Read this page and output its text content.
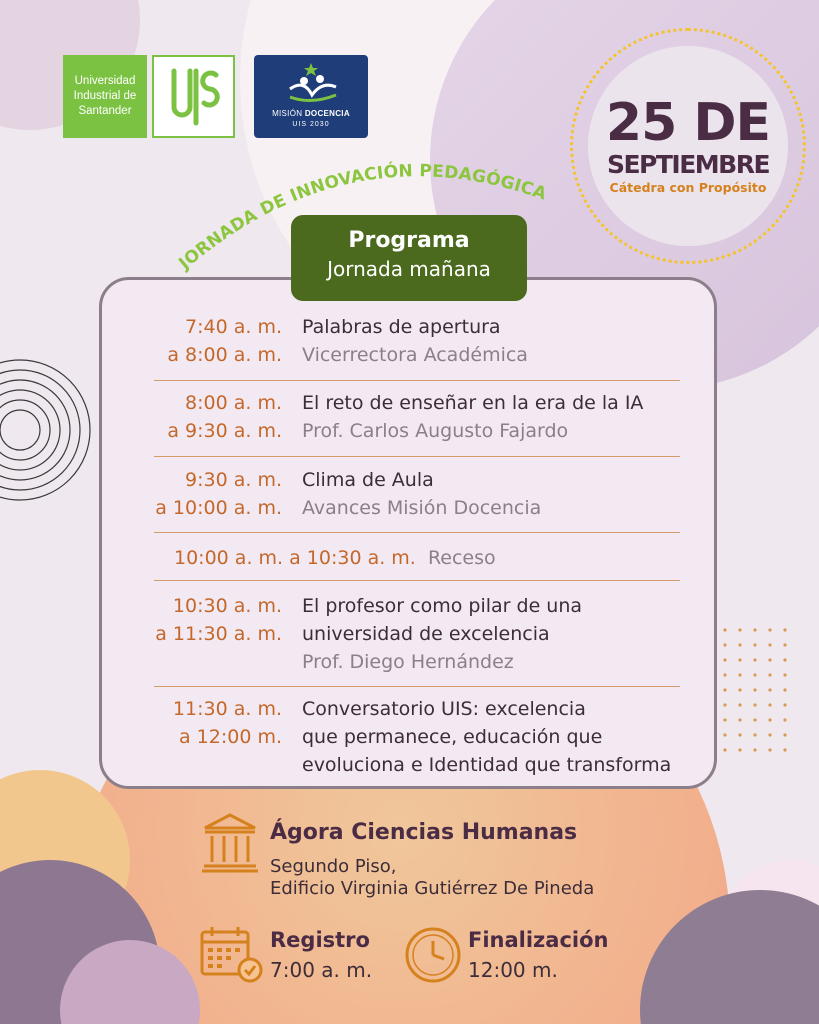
Universidad
Industrial de
Santander	MISIÓN DOCENCIA
UIS 2030	25 DE
SEPTIEMBRE
Cátedra con Propósito
JORNADA DE INNOVACIÓN PEDAGÓGICA
Programa
Jornada mañana
7:40 a. m.
a 8:00 a. m.
Palabras de apertura
Vicerrectora Académica
8:00 a. m.
a 9:30 a. m.
El reto de enseñar en la era de la IA
Prof. Carlos Augusto Fajardo
9:30 a. m.
a 10:00 a. m.
Clima de Aula
Avances Misión Docencia
10:00 a. m. a 10:30 a. m. Receso
10:30 a. m.
a 11:30 a. m.
El profesor como pilar de una
universidad de excelencia
Prof. Diego Hernández
11:30 a. m.
a 12:00 m.
Conversatorio UIS: excelencia
que permanece, educación que
evoluciona e Identidad que transforma
Ágora Ciencias Humanas
Segundo Piso,
Edificio Virginia Gutiérrez De Pineda
Registro
7:00 a. m.
Finalización
12:00 m.
